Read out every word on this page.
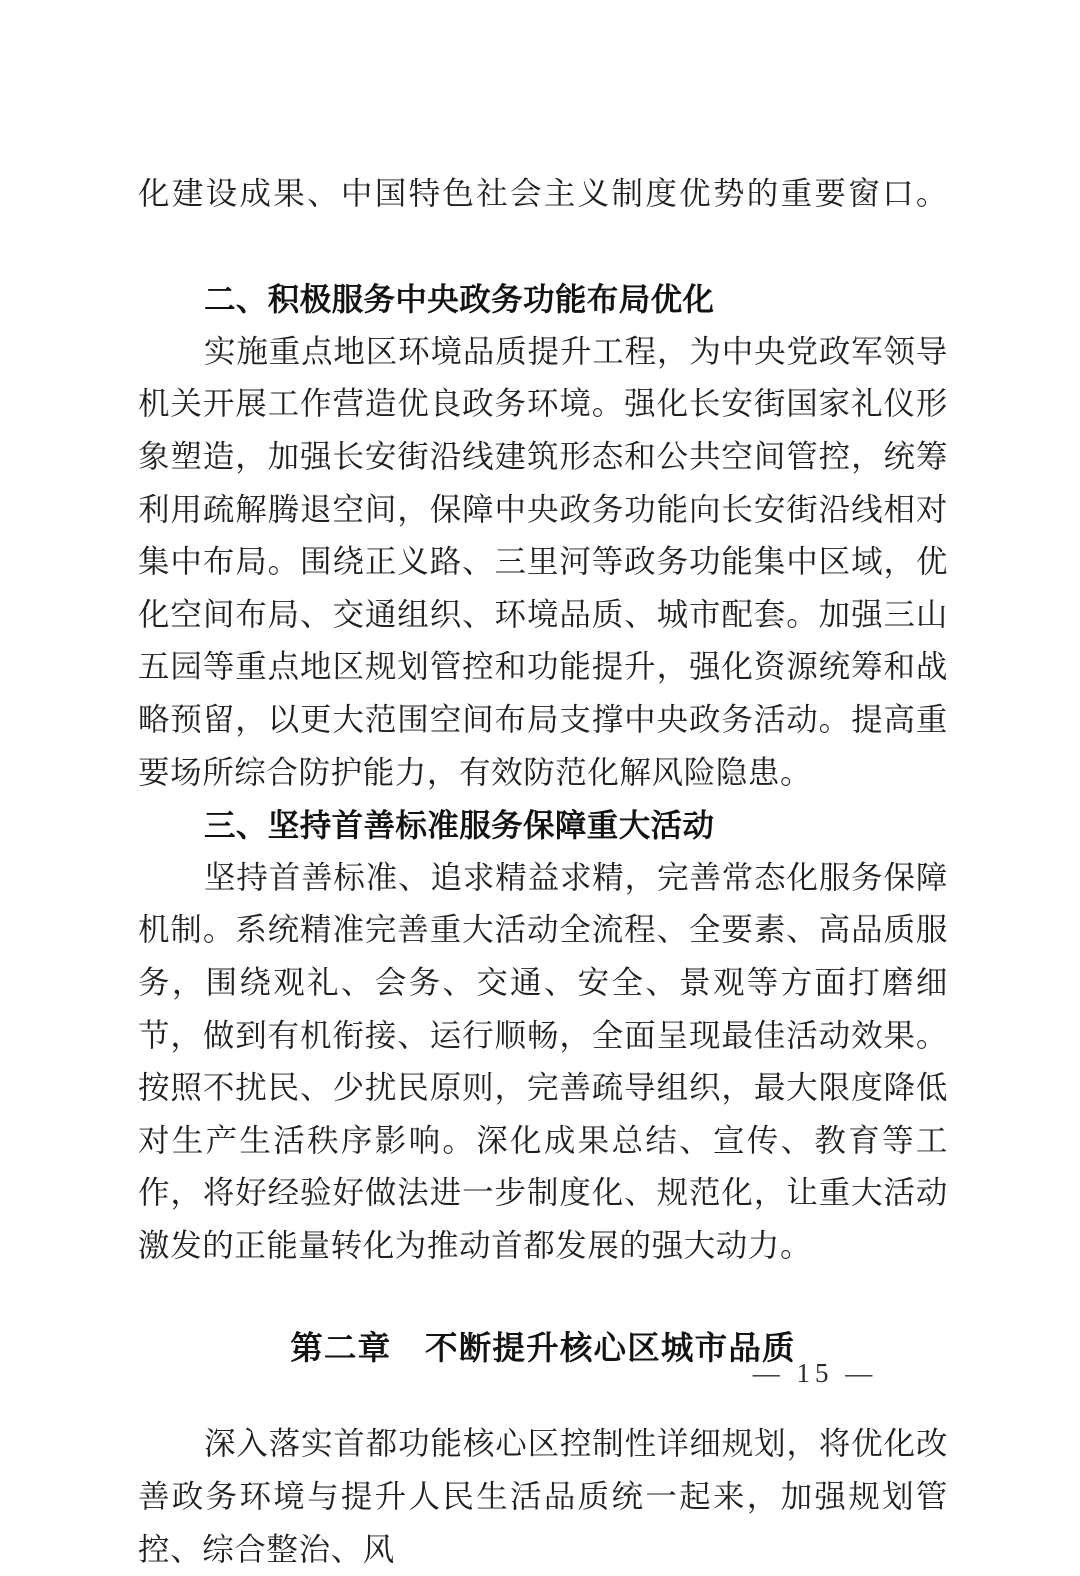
化建设成果、中国特色社会主义制度优势的重要窗口。

二、积极服务中央政务功能布局优化

实施重点地区环境品质提升工程，为中央党政军领导机关开展工作营造优良政务环境。强化长安街国家礼仪形象塑造，加强长安街沿线建筑形态和公共空间管控，统筹利用疏解腾退空间，保障中央政务功能向长安街沿线相对集中布局。围绕正义路、三里河等政务功能集中区域，优化空间布局、交通组织、环境品质、城市配套。加强三山五园等重点地区规划管控和功能提升，强化资源统筹和战略预留，以更大范围空间布局支撑中央政务活动。提高重要场所综合防护能力，有效防范化解风险隐患。

三、坚持首善标准服务保障重大活动

坚持首善标准、追求精益求精，完善常态化服务保障机制。系统精准完善重大活动全流程、全要素、高品质服务，围绕观礼、会务、交通、安全、景观等方面打磨细节，做到有机衔接、运行顺畅，全面呈现最佳活动效果。按照不扰民、少扰民原则，完善疏导组织，最大限度降低对生产生活秩序影响。深化成果总结、宣传、教育等工作，将好经验好做法进一步制度化、规范化，让重大活动激发的正能量转化为推动首都发展的强大动力。

第二章　不断提升核心区城市品质

深入落实首都功能核心区控制性详细规划，将优化改善政务环境与提升人民生活品质统一起来，加强规划管控、综合整治、风

— 15 —
